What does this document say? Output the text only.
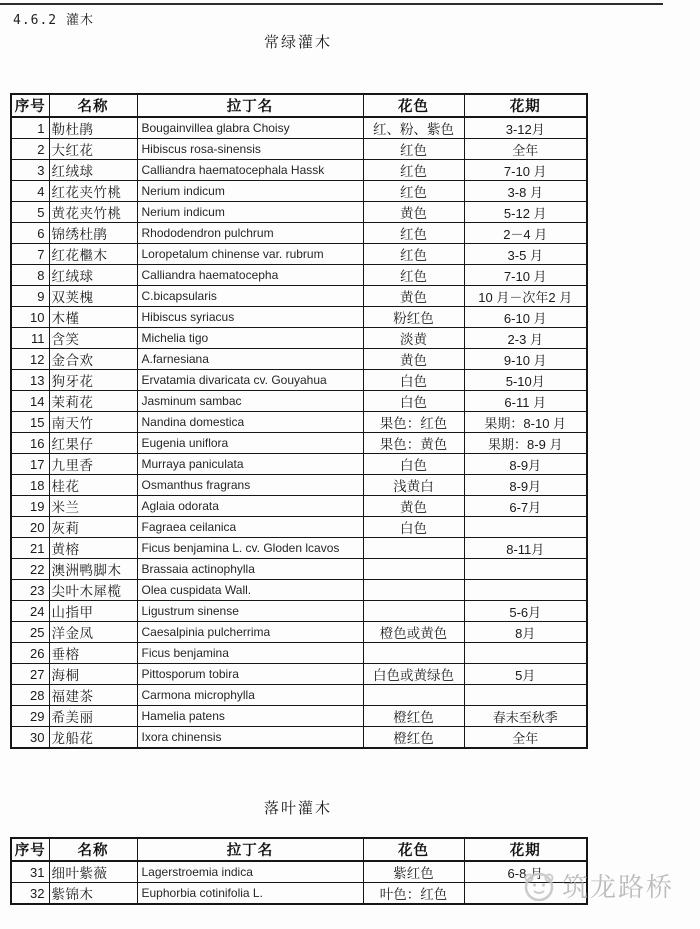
4.6.2 灌木
常绿灌木
序号	名称	拉丁名	花色	花期
1	勒杜鹃	Bougainvillea glabra Choisy	红、粉、紫色	3-12月
2	大红花	Hibiscus rosa-sinensis	红色	全年
3	红绒球	Calliandra haematocephala Hassk	红色	7-10 月
4	红花夹竹桃	Nerium indicum	红色	3-8 月
5	黄花夹竹桃	Nerium indicum	黄色	5-12 月
6	锦绣杜鹃	Rhododendron pulchrum	红色	2－4 月
7	红花檵木	Loropetalum chinense var. rubrum	红色	3-5 月
8	红绒球	Calliandra haematocepha	红色	7-10 月
9	双荚槐	C.bicapsularis	黄色	10 月－次年2 月
10	木槿	Hibiscus syriacus	粉红色	6-10 月
11	含笑	Michelia tigo	淡黄	2-3 月
12	金合欢	A.farnesiana	黄色	9-10 月
13	狗牙花	Ervatamia divaricata cv. Gouyahua	白色	5-10月
14	茉莉花	Jasminum sambac	白色	6-11 月
15	南天竹	Nandina domestica	果色：红色	果期：8-10 月
16	红果仔	Eugenia uniflora	果色：黄色	果期：8-9 月
17	九里香	Murraya paniculata	白色	8-9月
18	桂花	Osmanthus fragrans	浅黄白	8-9月
19	米兰	Aglaia odorata	黄色	6-7月
20	灰莉	Fagraea ceilanica	白色	
21	黄榕	Ficus benjamina L. cv. Gloden lcavos		8-11月
22	澳洲鸭脚木	Brassaia actinophylla		
23	尖叶木犀榄	Olea cuspidata Wall.		
24	山指甲	Ligustrum sinense		5-6月
25	洋金凤	Caesalpinia pulcherrima	橙色或黄色	8月
26	垂榕	Ficus benjamina		
27	海桐	Pittosporum tobira	白色或黄绿色	5月
28	福建茶	Carmona microphylla		
29	希美丽	Hamelia patens	橙红色	春末至秋季
30	龙船花	Ixora chinensis	橙红色	全年
落叶灌木
序号	名称	拉丁名	花色	花期
31	细叶紫薇	Lagerstroemia indica	紫红色	6-8 月
32	紫锦木	Euphorbia cotinifolia L.	叶色：红色		筑龙路桥
